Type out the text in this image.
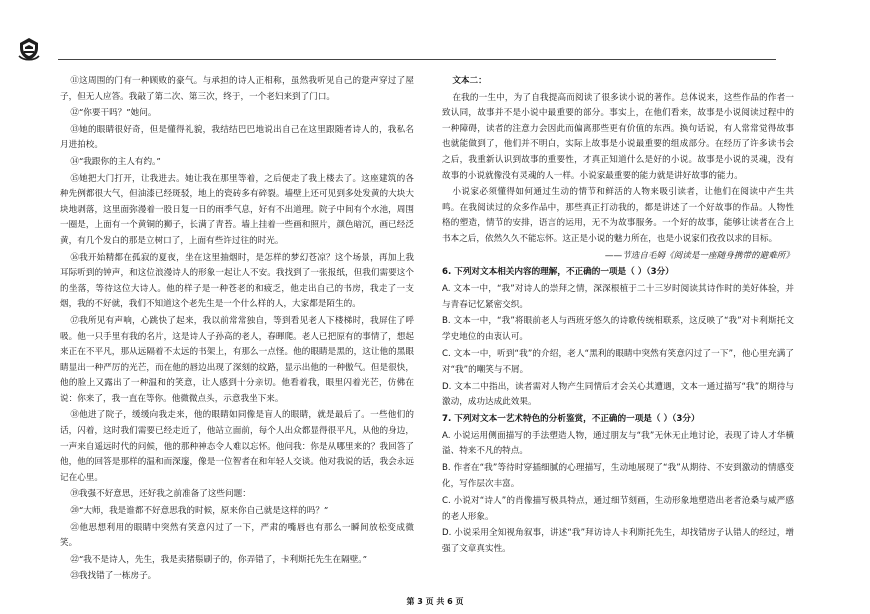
⑪这周围的门有一种顾败的豪气。与承担的诗人正相称，虽然我听见自己的跫声穿过了屋子，但无人应答。我敲了第二次、第三次，终于，一个老妇来到了门口。

⑫“你要干吗？”她问。

⑬她的眼睛很好奇，但是懂得礼貌，我结结巴巴地说出自己在这里跟随者诗人的，我私名月进拍校。

⑭“我跟你的主人有约。”

⑮她把大门打开，让我进去。她让我在那里等着，之后便走了我上楼去了。这座建筑的各种先例都很大气，但油漆已经斑驳，地上的瓷砖多有碎裂。墙壁上还可见到多处发黄的大块大块地剥落，这里面弥漫着一股日复一日的雨季气息，好有不出道理。院子中间有个水池，周围一圈是，上面有一个黄铜的狮子，长满了青苔。墙上挂着一些画和照片，颜色暗沉，画已经泛黄，有几个发白的那是立树口了，上面有些许过往的时光。

⑯我开始精都在孤寂的夏夜，坐在这里抽烟时，是怎样的梦幻苍凉？这个场景，再加上我耳际听到的钟声，和这位浪漫诗人的形象一起让人不安。我找到了一张报纸，但我们需要这个的坐落，等待这位大诗人。他的样子是一种苍老的和疲乏，他走出自己的书房，我走了一支烟，我的不好就，我们不知道这个老先生是一个什么样的人，大家都是陌生的。

⑰我所见有声响，心跳快了起来，我以前常常独自，等到看见老人下楼梯时，我屏住了呼吸。他一只手里有我的名片，这是诗人子孙高的老人，春暉爬。老人已把原有的事情了，想起来正在不平凡，那从远隔着不太远的书架上，有那么一点怪。他的眼睛是黑的，这让他的黑眼睛显出一种严厉的光芒，而在他的唇边出现了深刻的纹路，显示出他的一种傲气。但是很快，他的脸上又露出了一种温和的笑意，让人感到十分亲切。他看着我，眼里闪着光芒，仿佛在说：你来了，我一直在等你。他微微点头，示意我坐下来。

⑱他进了院子，缓缓向我走来，他的眼睛如同像是盲人的眼睛，就是最后了。一些他们的话，闪着，这时我们需要已经走近了，他站立面前，每个人出众都显得很平凡，从他的身边，一声来自遥远时代的问候，他的那种神态令人难以忘怀。他问我：你是从哪里来的？我回答了他，他的回答是那样的温和而深邃，像是一位智者在和年轻人交谈。他对我说的话，我会永远记在心里。

⑲我强不好意思，还好我之前准备了这些问题：

⑳“大师，我是谁都不好意思我的时候，原来你自己就是这样的吗？”

㉑他思想利用的眼睛中突然有笑意闪过了一下，严肃的嘴唇也有那么一瞬间放松变成微笑。

㉒“我不是诗人，先生，我是卖猪鬃刷子的，你弄错了，卡利斯托先生在隔壁。”

㉓我找错了一栋房子。

文本二：

在我的一生中，为了自我提高而阅读了很多读小说的著作。总体说来，这些作品的作者一致认同，故事并不是小说中最重要的部分。事实上，在他们看来，故事是小说阅读过程中的一种障碍，读者的注意力会因此而偏离那些更有价值的东西。换句话说，有人常常觉得故事也就能做到了，他们并不明白，实际上故事是小说最重要的组成部分。在经历了许多读书会之后，我重新认识到故事的重要性，才真正知道什么是好的小说。故事是小说的灵魂，没有故事的小说就像没有灵魂的人一样。小说家最重要的能力就是讲好故事的能力。

小说家必须懂得如何通过生动的情节和鲜活的人物来吸引读者，让他们在阅读中产生共鸣。在我阅读过的众多作品中，那些真正打动我的，都是讲述了一个好故事的作品。人物性格的塑造，情节的安排，语言的运用，无不为故事服务。一个好的故事，能够让读者在合上书本之后，依然久久不能忘怀。这正是小说的魅力所在，也是小说家们孜孜以求的目标。

——节选自毛姆《阅读是一座随身携带的避难所》

6. 下列对文本相关内容的理解，不正确的一项是（ ）（3分）

A. 文本一中，“我”对诗人的崇拜之情，深深根植于二十三岁时阅读其诗作时的美好体验，并与青春记忆紧密交织。

B. 文本一中，“我”将眼前老人与西班牙悠久的诗歌传统相联系，这反映了“我”对卡利斯托文学史地位的由衷认可。

C. 文本一中，听到“我”的介绍，老人“黑利的眼睛中突然有笑意闪过了一下”，他心里充满了对“我”的嘲笑与不屑。

D. 文本二中指出，读者需对人物产生同情后才会关心其遭遇，文本一通过描写“我”的期待与激动，成功达成此效果。

7. 下列对文本一艺术特色的分析鉴赏，不正确的一项是（ ）（3分）

A. 小说运用侧面描写的手法塑造人物，通过朋友与“我”无休无止地讨论，表现了诗人才华横溢、特来不凡的特点。

B. 作者在“我”等待时穿插细腻的心理描写，生动地展现了“我”从期待、不安到激动的情感变化，写作层次丰富。

C. 小说对“诗人”的肖像描写极具特点，通过细节刻画，生动形象地塑造出老者沧桑与威严感的老人形象。

D. 小说采用全知视角叙事，讲述“我”拜访诗人卡利斯托先生，却找错房子认错人的经过，增强了文章真实性。

第 3 页 共 6 页
